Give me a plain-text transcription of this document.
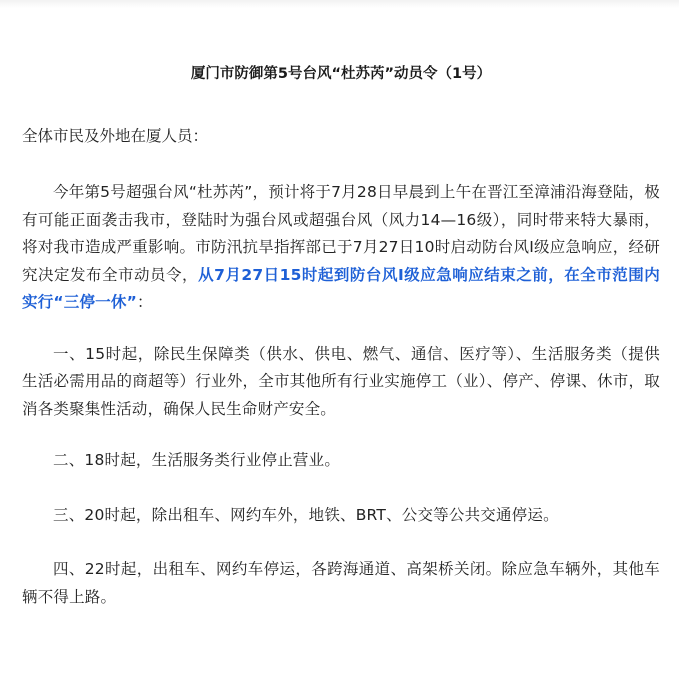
厦门市防御第5号台风“杜苏芮”动员令（1号）
全体市民及外地在厦人员：

今年第5号超强台风“杜苏芮”，预计将于7月28日早晨到上午在晋江至漳浦沿海登陆，极有可能正面袭击我市，登陆时为强台风或超强台风（风力14—16级），同时带来特大暴雨，将对我市造成严重影响。市防汛抗旱指挥部已于7月27日10时启动防台风Ⅰ级应急响应，经研究决定发布全市动员令，从7月27日15时起到防台风Ⅰ级应急响应结束之前，在全市范围内实行“三停一休”：

一、15时起，除民生保障类（供水、供电、燃气、通信、医疗等）、生活服务类（提供生活必需用品的商超等）行业外，全市其他所有行业实施停工（业）、停产、停课、休市，取消各类聚集性活动，确保人民生命财产安全。

二、18时起，生活服务类行业停止营业。

三、20时起，除出租车、网约车外，地铁、BRT、公交等公共交通停运。

四、22时起，出租车、网约车停运，各跨海通道、高架桥关闭。除应急车辆外，其他车辆不得上路。
